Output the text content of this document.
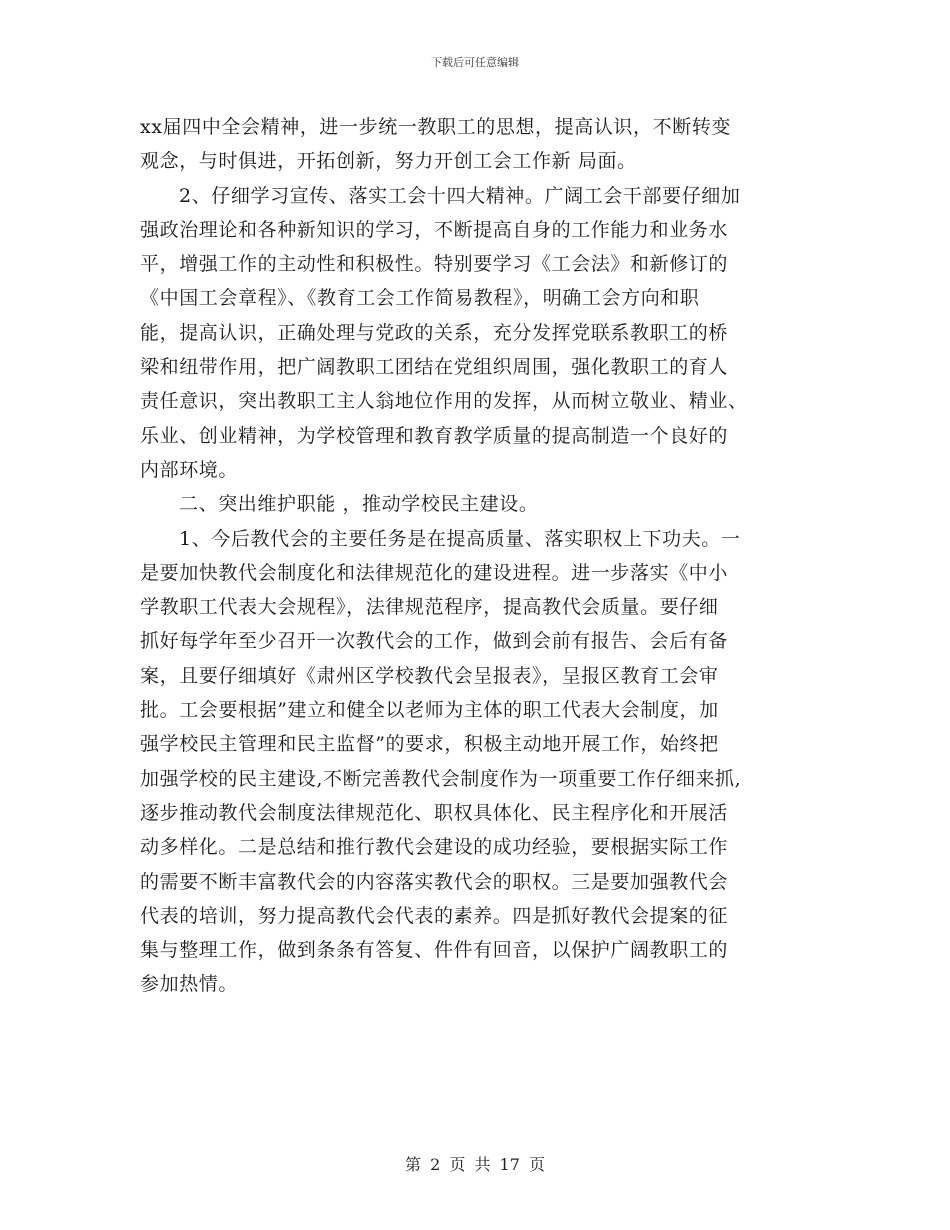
下载后可任意编辑
xx届四中全会精神，进一步统一教职工的思想，提高认识，不断转变
观念，与时俱进，开拓创新，努力开创工会工作新 局面。
2、仔细学习宣传、落实工会十四大精神。广阔工会干部要仔细加
强政治理论和各种新知识的学习，不断提高自身的工作能力和业务水
平，增强工作的主动性和积极性。特别要学习《工会法》和新修订的
《中国工会章程》、《教育工会工作简易教程》，明确工会方向和职
能，提高认识，正确处理与党政的关系，充分发挥党联系教职工的桥
梁和纽带作用，把广阔教职工团结在党组织周围，强化教职工的育人
责任意识，突出教职工主人翁地位作用的发挥，从而树立敬业、精业、
乐业、创业精神，为学校管理和教育教学质量的提高制造一个良好的
内部环境。
二、突出维护职能 ，推动学校民主建设。
1、今后教代会的主要任务是在提高质量、落实职权上下功夫。一
是要加快教代会制度化和法律规范化的建设进程。进一步落实《中小
学教职工代表大会规程》，法律规范程序，提高教代会质量。要仔细
抓好每学年至少召开一次教代会的工作，做到会前有报告、会后有备
案，且要仔细填好《肃州区学校教代会呈报表》，呈报区教育工会审
批。工会要根据”建立和健全以老师为主体的职工代表大会制度，加
强学校民主管理和民主监督”的要求，积极主动地开展工作，始终把
加强学校的民主建设,不断完善教代会制度作为一项重要工作仔细来抓,
逐步推动教代会制度法律规范化、职权具体化、民主程序化和开展活
动多样化。二是总结和推行教代会建设的成功经验，要根据实际工作
的需要不断丰富教代会的内容落实教代会的职权。三是要加强教代会
代表的培训，努力提高教代会代表的素养。四是抓好教代会提案的征
集与整理工作，做到条条有答复、件件有回音，以保护广阔教职工的
参加热情。
第 2 页 共 17 页
